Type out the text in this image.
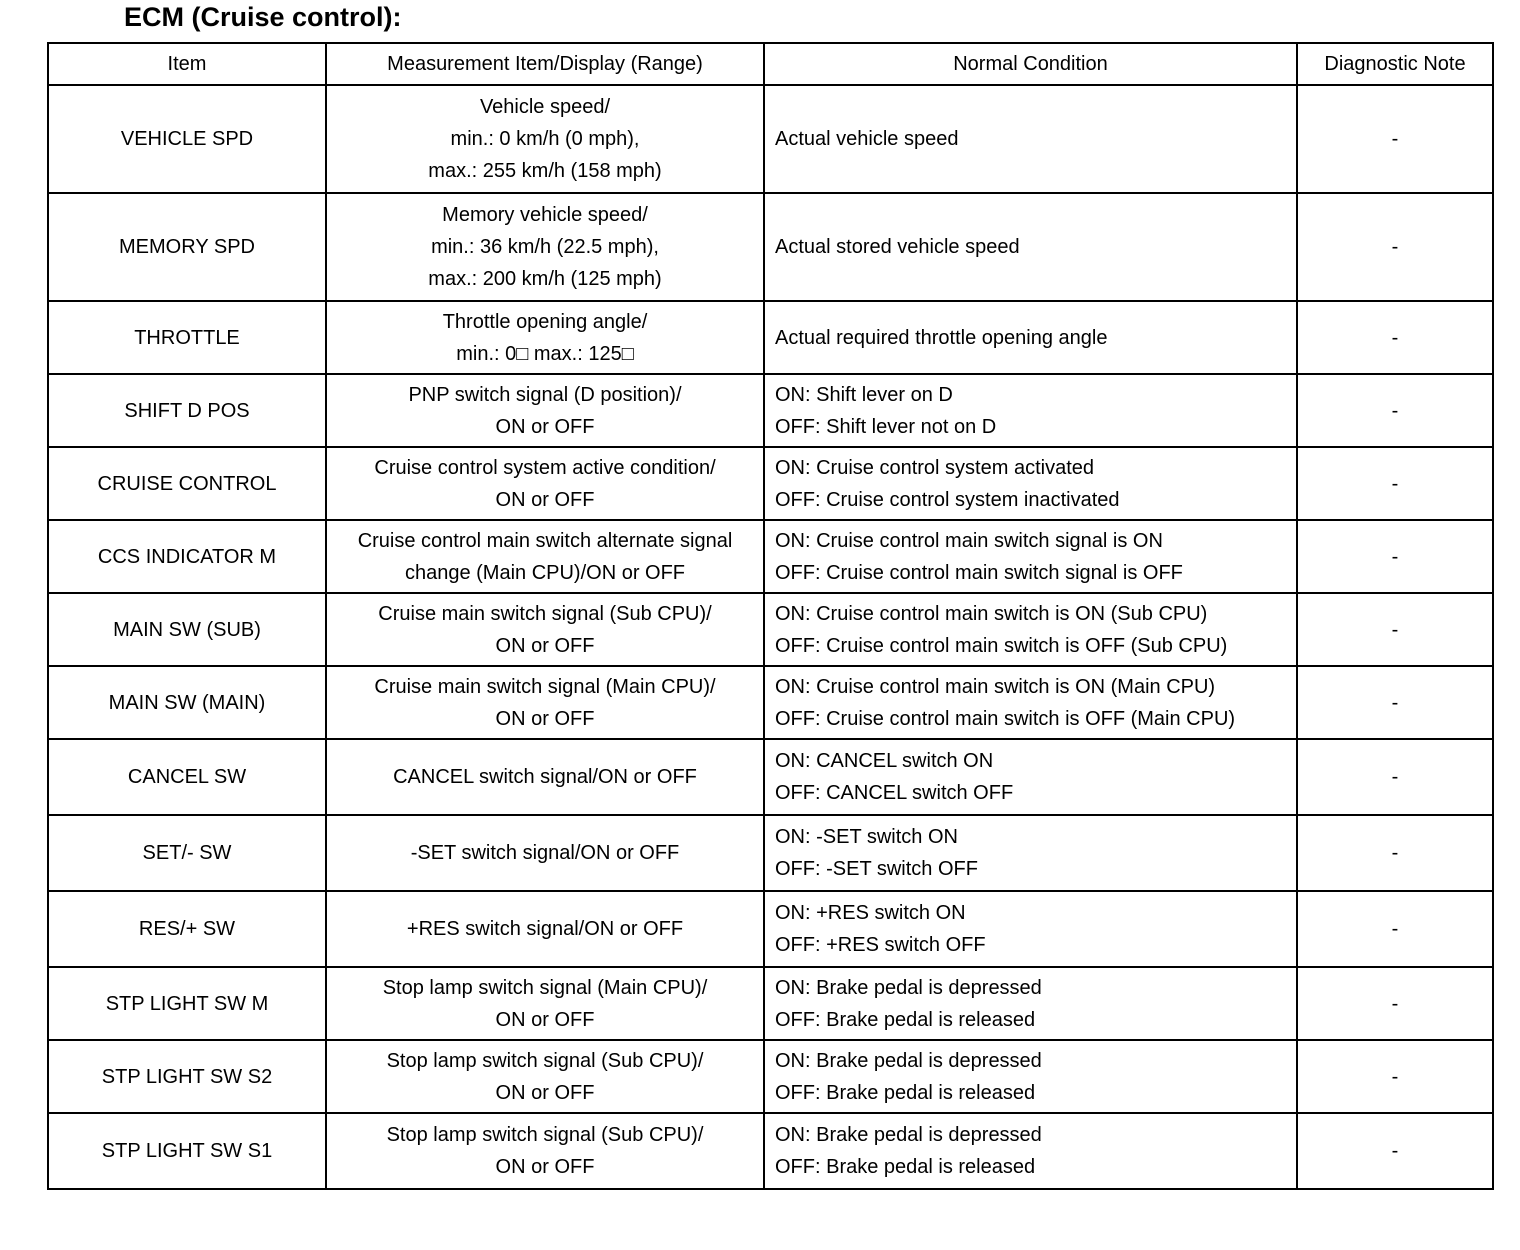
ECM (Cruise control):
Item	Measurement Item/Display (Range)	Normal Condition	Diagnostic Note
VEHICLE SPD	Vehicle speed/
min.: 0 km/h (0 mph),
max.: 255 km/h (158 mph)	Actual vehicle speed	-
MEMORY SPD	Memory vehicle speed/
min.: 36 km/h (22.5 mph),
max.: 200 km/h (125 mph)	Actual stored vehicle speed	-
THROTTLE	Throttle opening angle/
min.: 0□ max.: 125□	Actual required throttle opening angle	-
SHIFT D POS	PNP switch signal (D position)/
ON or OFF	ON: Shift lever on D
OFF: Shift lever not on D	-
CRUISE CONTROL	Cruise control system active condition/
ON or OFF	ON: Cruise control system activated
OFF: Cruise control system inactivated	-
CCS INDICATOR M	Cruise control main switch alternate signal
change (Main CPU)/ON or OFF	ON: Cruise control main switch signal is ON
OFF: Cruise control main switch signal is OFF	-
MAIN SW (SUB)	Cruise main switch signal (Sub CPU)/
ON or OFF	ON: Cruise control main switch is ON (Sub CPU)
OFF: Cruise control main switch is OFF (Sub CPU)	-
MAIN SW (MAIN)	Cruise main switch signal (Main CPU)/
ON or OFF	ON: Cruise control main switch is ON (Main CPU)
OFF: Cruise control main switch is OFF (Main CPU)	-
CANCEL SW	CANCEL switch signal/ON or OFF	ON: CANCEL switch ON
OFF: CANCEL switch OFF	-
SET/- SW	-SET switch signal/ON or OFF	ON: -SET switch ON
OFF: -SET switch OFF	-
RES/+ SW	+RES switch signal/ON or OFF	ON: +RES switch ON
OFF: +RES switch OFF	-
STP LIGHT SW M	Stop lamp switch signal (Main CPU)/
ON or OFF	ON: Brake pedal is depressed
OFF: Brake pedal is released	-
STP LIGHT SW S2	Stop lamp switch signal (Sub CPU)/
ON or OFF	ON: Brake pedal is depressed
OFF: Brake pedal is released	-
STP LIGHT SW S1	Stop lamp switch signal (Sub CPU)/
ON or OFF	ON: Brake pedal is depressed
OFF: Brake pedal is released	-
